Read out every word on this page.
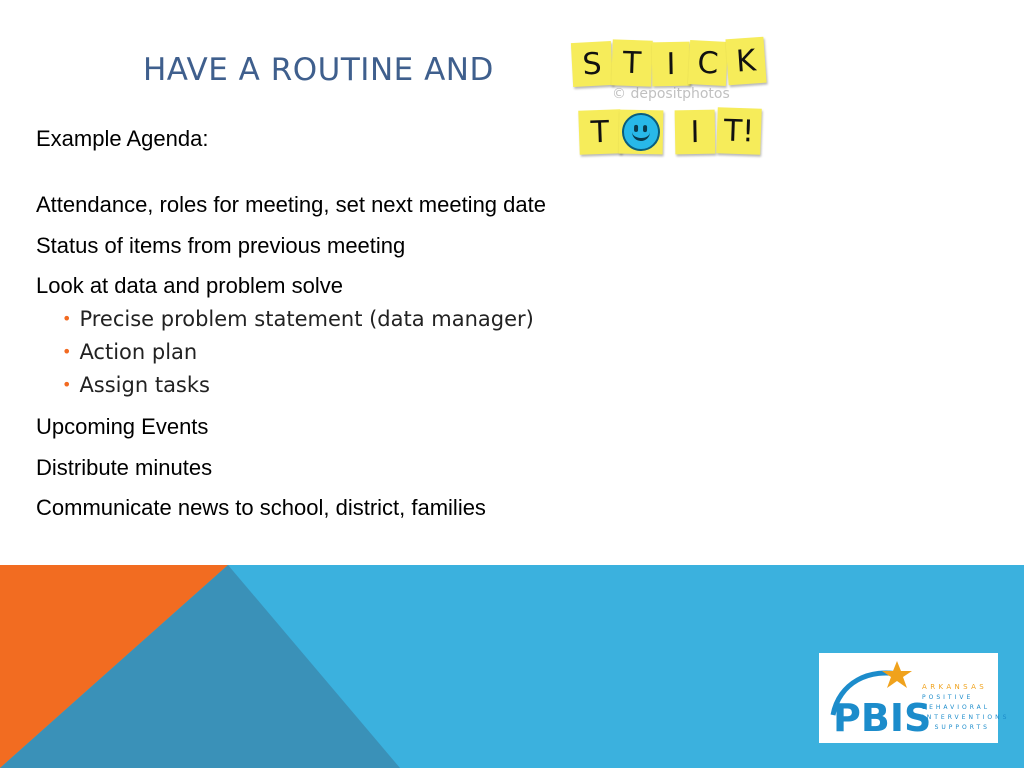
HAVE A ROUTINE AND	S T I C K
T	I T!
© depositphotos
Example Agenda:
Attendance, roles for meeting, set next meeting date
Status of items from previous meeting
Look at data and problem solve
• Precise problem statement (data manager)
• Action plan
• Assign tasks
Upcoming Events
Distribute minutes
Communicate news to school, district, families
PBIS
ARKANSAS
POSITIVE
BEHAVIORAL
INTERVENTIONS
& SUPPORTS
